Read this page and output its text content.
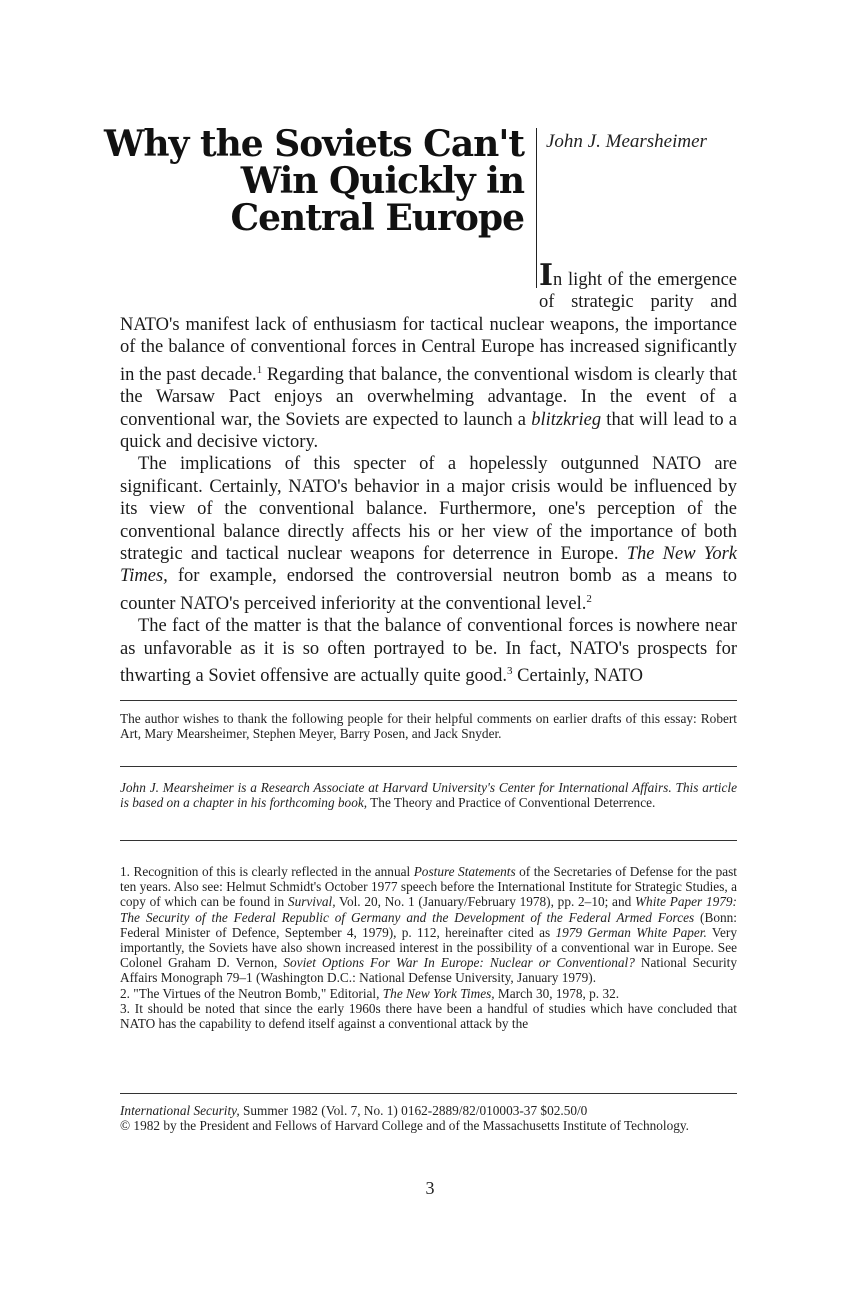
Why the Soviets Can't Win Quickly in Central Europe
John J. Mearsheimer

In light of the emergence of strategic parity and NATO's manifest lack of enthusiasm for tactical nuclear weapons, the importance of the balance of conventional forces in Central Europe has increased significantly in the past decade.$^1$ Regarding that balance, the conventional wisdom is clearly that the Warsaw Pact enjoys an overwhelming advantage. In the event of a conventional war, the Soviets are expected to launch a blitzkrieg that will lead to a quick and decisive victory.

The implications of this specter of a hopelessly outgunned NATO are significant. Certainly, NATO's behavior in a major crisis would be influenced by its view of the conventional balance. Furthermore, one's perception of the conventional balance directly affects his or her view of the importance of both strategic and tactical nuclear weapons for deterrence in Europe. The New York Times, for example, endorsed the controversial neutron bomb as a means to counter NATO's perceived inferiority at the conventional level.$^2$

The fact of the matter is that the balance of conventional forces is nowhere near as unfavorable as it is so often portrayed to be. In fact, NATO's prospects for thwarting a Soviet offensive are actually quite good.$^3$ Certainly, NATO

The author wishes to thank the following people for their helpful comments on earlier drafts of this essay: Robert Art, Mary Mearsheimer, Stephen Meyer, Barry Posen, and Jack Snyder.
John J. Mearsheimer is a Research Associate at Harvard University's Center for International Affairs. This article is based on a chapter in his forthcoming book, The Theory and Practice of Conventional Deterrence.

1. Recognition of this is clearly reflected in the annual Posture Statements of the Secretaries of Defense for the past ten years. Also see: Helmut Schmidt's October 1977 speech before the International Institute for Strategic Studies, a copy of which can be found in Survival, Vol. 20, No. 1 (January/February 1978), pp. 2–10; and White Paper 1979: The Security of the Federal Republic of Germany and the Development of the Federal Armed Forces (Bonn: Federal Minister of Defence, September 4, 1979), p. 112, hereinafter cited as 1979 German White Paper. Very importantly, the Soviets have also shown increased interest in the possibility of a conventional war in Europe. See Colonel Graham D. Vernon, Soviet Options For War In Europe: Nuclear or Conventional? National Security Affairs Monograph 79–1 (Washington D.C.: National Defense University, January 1979).

2. "The Virtues of the Neutron Bomb," Editorial, The New York Times, March 30, 1978, p. 32.

3. It should be noted that since the early 1960s there have been a handful of studies which have concluded that NATO has the capability to defend itself against a conventional attack by the

International Security, Summer 1982 (Vol. 7, No. 1) 0162-2889/82/010003-37 $02.50/0

© 1982 by the President and Fellows of Harvard College and of the Massachusetts Institute of Technology.

3
